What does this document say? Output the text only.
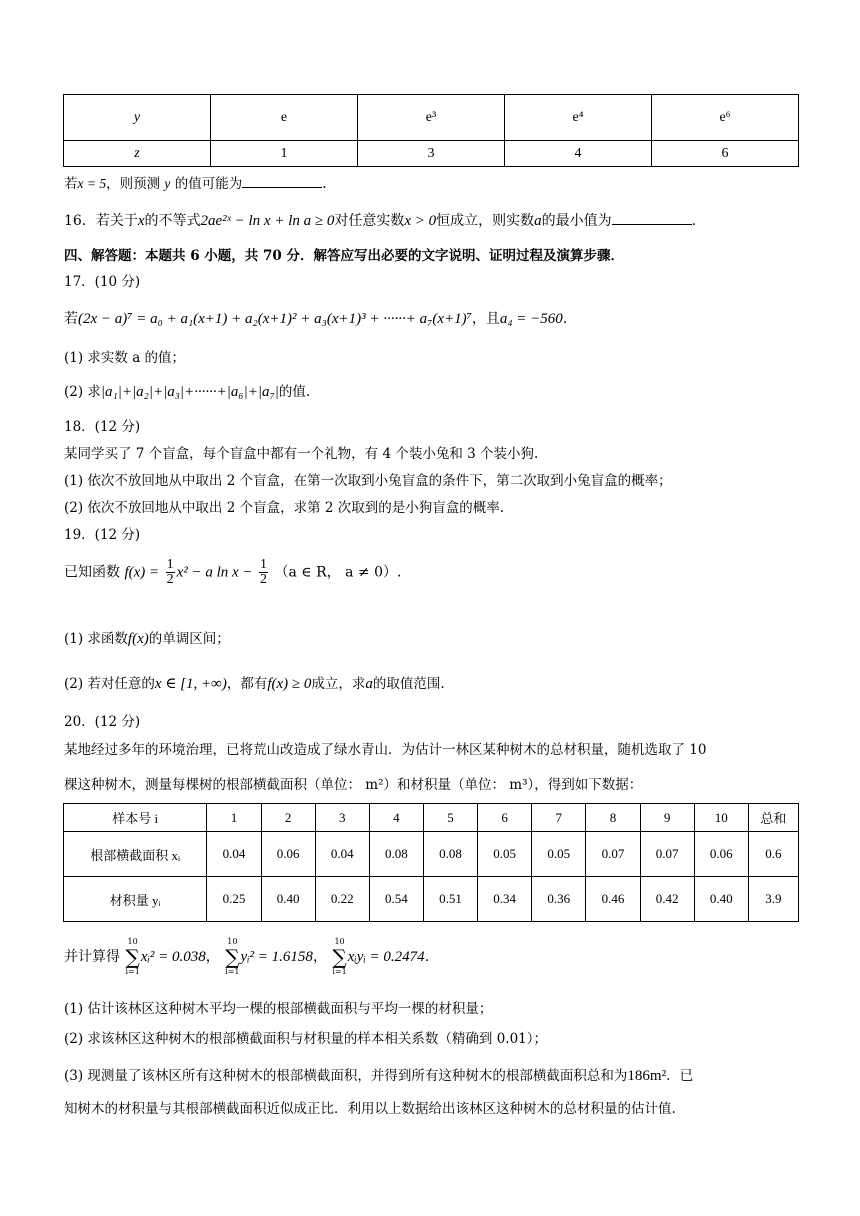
y	e	e³	e⁴	e⁶
z	1	3	4	6
若x = 5，则预测 y 的值可能为	.
16．若关于x的不等式2ae²ˣ − ln x + ln a ≥ 0对任意实数x > 0恒成立，则实数a的最小值为	.
四、解答题：本题共 6 小题，共 70 分．解答应写出必要的文字说明、证明过程及演算步骤．
17．(10 分)
若(2x − a)⁷ = a₀ + a₁(x+1) + a₂(x+1)² + a₃(x+1)³ + ······+ a₇(x+1)⁷，且a₄ = −560.
(1) 求实数 a 的值；
(2) 求|a₁|+|a₂|+|a₃|+······+|a₆|+|a₇|的值.
18．(12 分)
某同学买了 7 个盲盒，每个盲盒中都有一个礼物，有 4 个装小兔和 3 个装小狗.
(1) 依次不放回地从中取出 2 个盲盒，在第一次取到小兔盲盒的条件下，第二次取到小兔盲盒的概率；
(2) 依次不放回地从中取出 2 个盲盒，求第 2 次取到的是小狗盲盒的概率.
19．(12 分)
已知函数 $f(x) = \frac{1}{2} x^2 - a$ $\ln x - \frac{1}{2} (a$ ∈ R， a ≠ 0）.
(1) 求函数f(x)的单调区间；
(2) 若对任意的x ∈ [1, +∞)，都有f(x) ≥ 0成立，求a的取值范围.
20．(12 分)
某地经过多年的环境治理，已将荒山改造成了绿水青山．为估计一林区某种树木的总材积量，随机选取了 10
棵这种树木，测量每棵树的根部横截面积（单位： m²）和材积量（单位： m³），得到如下数据：
样本号 i	1	2	3	4	5	6	7	8	9	10	总和
根部横截面积 xᵢ	0.04	0.06	0.04	0.08	0.08	0.05	0.05	0.07	0.07	0.06	0.6
材积量 yᵢ	0.25	0.40	0.22	0.54	0.51	0.34	0.36	0.46	0.42	0.40	3.9
并计算得
10
∑
i=1
xᵢ² = 0.038，
10
∑
i=1
yᵢ² = 1.6158，
10
∑
i=1
xᵢyᵢ = 0.2474.
(1) 估计该林区这种树木平均一棵的根部横截面积与平均一棵的材积量；
(2) 求该林区这种树木的根部横截面积与材积量的样本相关系数（精确到 0.01）；
(3) 现测量了该林区所有这种树木的根部横截面积，并得到所有这种树木的根部横截面积总和为186m²．已
知树木的材积量与其根部横截面积近似成正比．利用以上数据给出该林区这种树木的总材积量的估计值.
